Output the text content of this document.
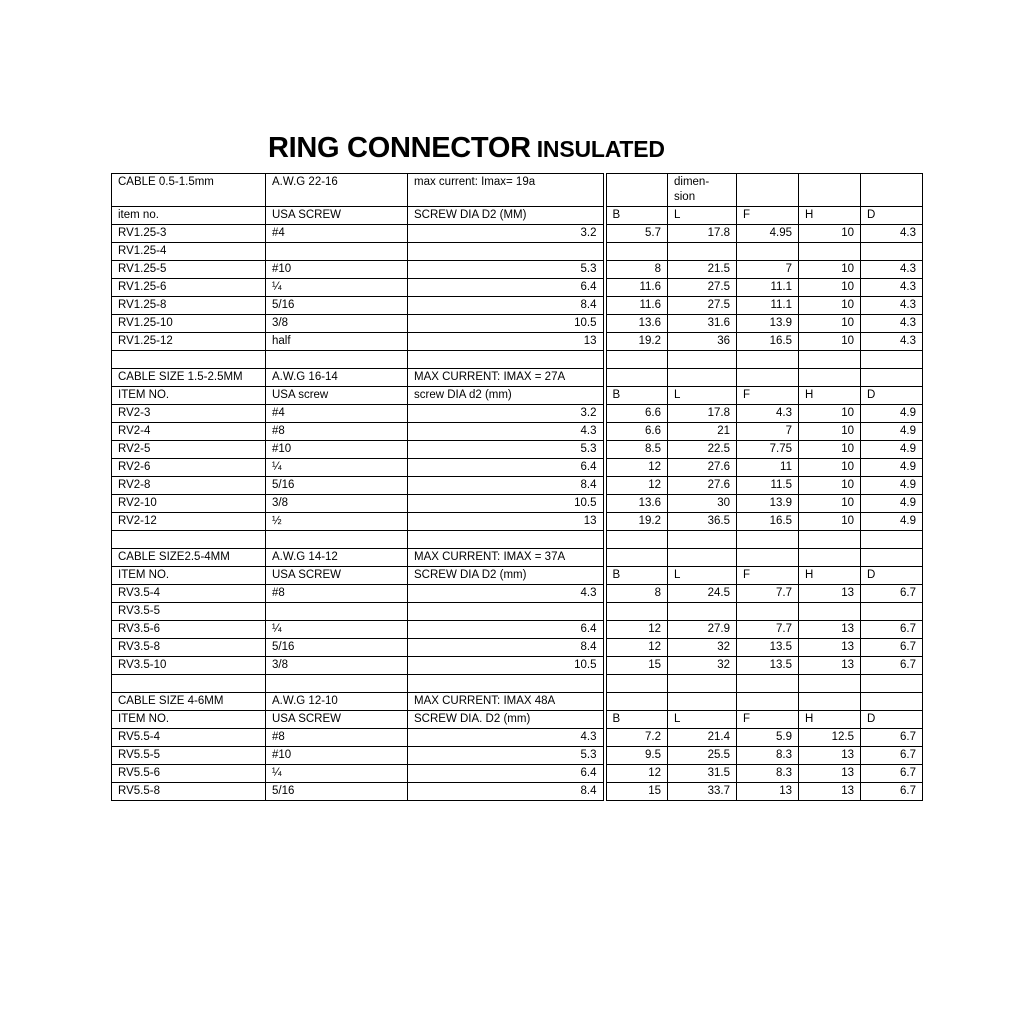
RING CONNECTOR INSULATED
CABLE 0.5-1.5mm	A.W.G 22-16	max current: Imax= 19a		dimen-sion			
item no.	USA SCREW	SCREW DIA D2 (MM)	B	L	F	H	D
RV1.25-3	#4	3.2	5.7	17.8	4.95	10	4.3
RV1.25-4							
RV1.25-5	#10	5.3	8	21.5	7	10	4.3
RV1.25-6	¼	6.4	11.6	27.5	11.1	10	4.3
RV1.25-8	5/16	8.4	11.6	27.5	11.1	10	4.3
RV1.25-10	3/8	10.5	13.6	31.6	13.9	10	4.3
RV1.25-12	half	13	19.2	36	16.5	10	4.3

CABLE SIZE 1.5-2.5MM	A.W.G 16-14	MAX CURRENT: IMAX = 27A					
ITEM NO.	USA screw	screw DIA d2 (mm)	B	L	F	H	D
RV2-3	#4	3.2	6.6	17.8	4.3	10	4.9
RV2-4	#8	4.3	6.6	21	7	10	4.9
RV2-5	#10	5.3	8.5	22.5	7.75	10	4.9
RV2-6	¼	6.4	12	27.6	11	10	4.9
RV2-8	5/16	8.4	12	27.6	11.5	10	4.9
RV2-10	3/8	10.5	13.6	30	13.9	10	4.9
RV2-12	½	13	19.2	36.5	16.5	10	4.9

CABLE SIZE2.5-4MM	A.W.G 14-12	MAX CURRENT: IMAX = 37A					
ITEM NO.	USA SCREW	SCREW DIA D2 (mm)	B	L	F	H	D
RV3.5-4	#8	4.3	8	24.5	7.7	13	6.7
RV3.5-5							
RV3.5-6	¼	6.4	12	27.9	7.7	13	6.7
RV3.5-8	5/16	8.4	12	32	13.5	13	6.7
RV3.5-10	3/8	10.5	15	32	13.5	13	6.7

CABLE SIZE 4-6MM	A.W.G 12-10	MAX CURRENT: IMAX 48A					
ITEM NO.	USA SCREW	SCREW DIA. D2 (mm)	B	L	F	H	D
RV5.5-4	#8	4.3	7.2	21.4	5.9	12.5	6.7
RV5.5-5	#10	5.3	9.5	25.5	8.3	13	6.7
RV5.5-6	¼	6.4	12	31.5	8.3	13	6.7
RV5.5-8	5/16	8.4	15	33.7	13	13	6.7
